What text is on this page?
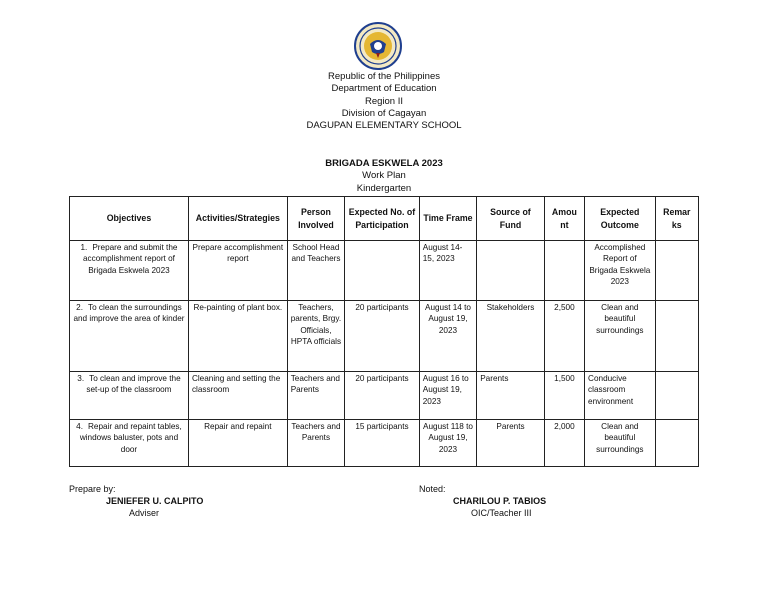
Republic of the Philippines
Department of Education
Region II
Division of Cagayan
DAGUPAN ELEMENTARY SCHOOL
BRIGADA ESKWELA 2023
Work Plan
Kindergarten
Objectives	Activities/Strategies	Person Involved	Expected No. of Participation	Time Frame	Source of Fund	Amou nt	Expected Outcome	Remar ks
1. Prepare and submit the accomplishment report of Brigada Eskwela 2023	Prepare accomplishment report	School Head and Teachers		August 14-15, 2023			Accomplished Report of Brigada Eskwela 2023	
2. To clean the surroundings and improve the area of kinder	Re-painting of plant box.	Teachers, parents, Brgy. Officials, HPTA officials	20 participants	August 14 to August 19, 2023	Stakeholders	2,500	Clean and beautiful surroundings	
3. To clean and improve the set-up of the classroom	Cleaning and setting the classroom	Teachers and Parents	20 participants	August 16 to August 19, 2023	Parents	1,500	Conducive classroom environment	
4. Repair and repaint tables, windows baluster, pots and door	Repair and repaint	Teachers and Parents	15 participants	August 118 to August 19, 2023	Parents	2,000	Clean and beautiful surroundings	
Prepare by:
JENIEFER U. CALPITO
Adviser
Noted:
CHARILOU P. TABIOS
OIC/Teacher III
